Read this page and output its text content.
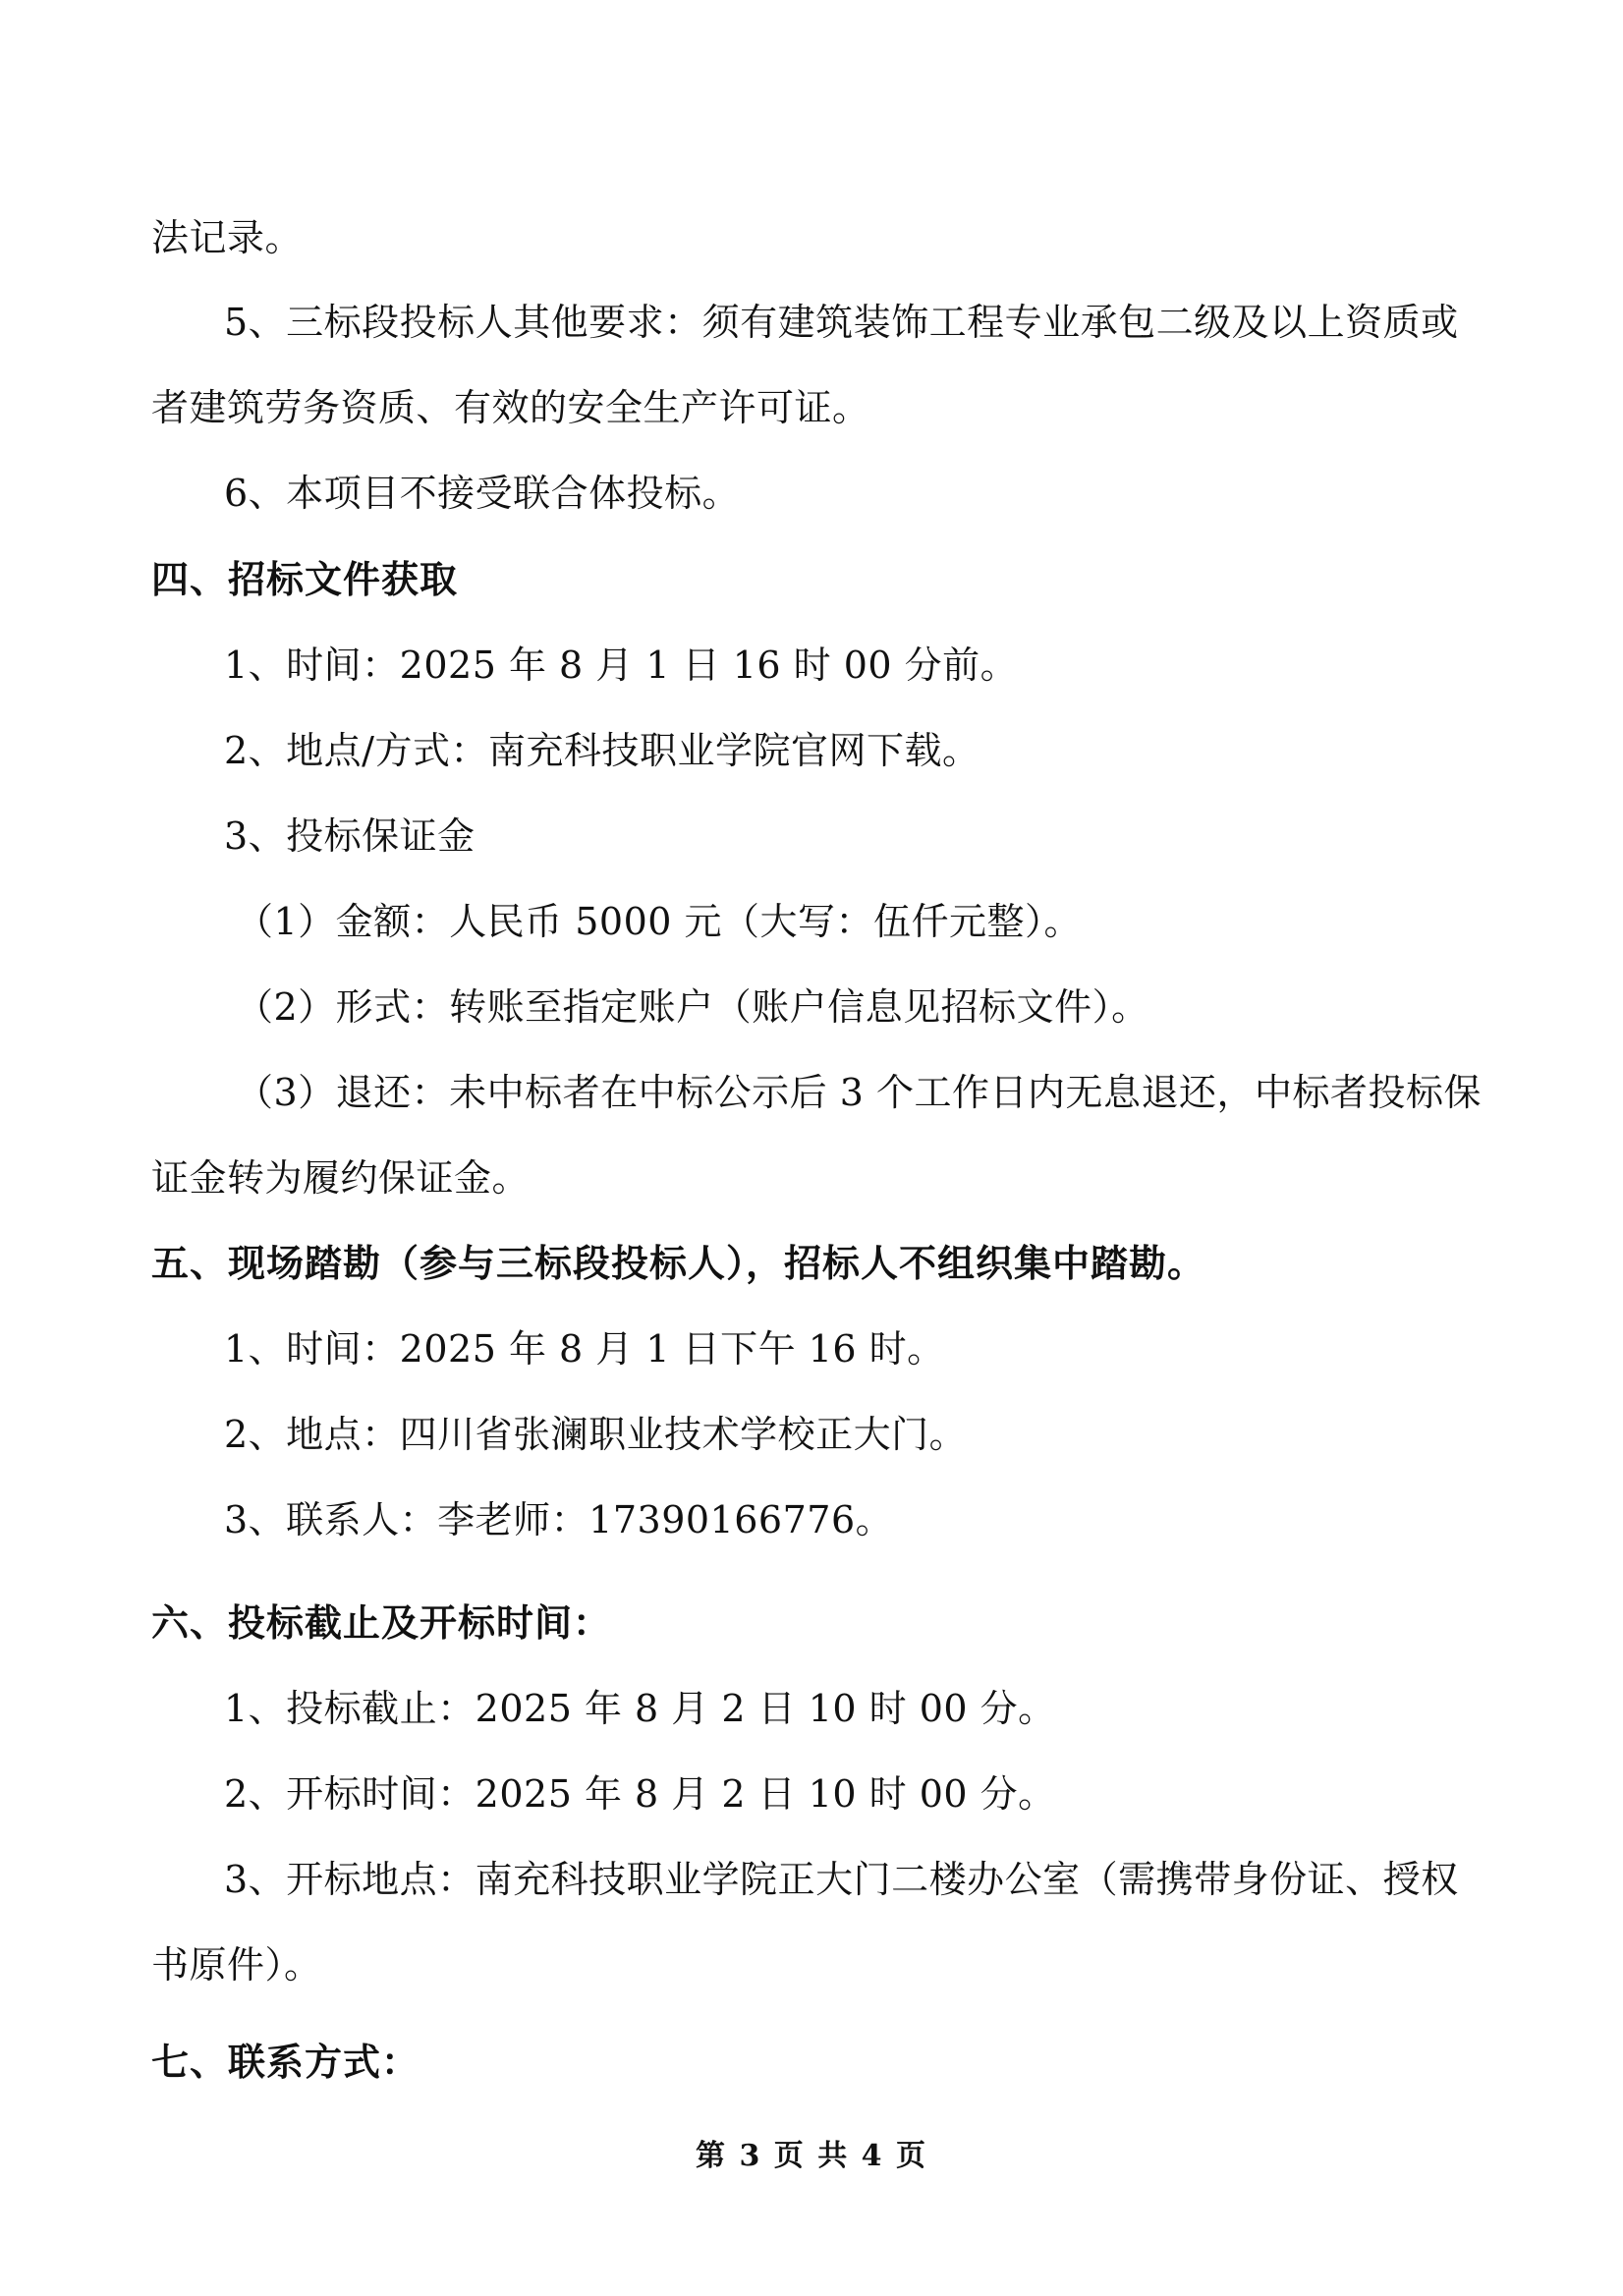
法记录。
5、三标段投标人其他要求：须有建筑装饰工程专业承包二级及以上资质或
者建筑劳务资质、有效的安全生产许可证。
6、本项目不接受联合体投标。
四、招标文件获取
1、时间：2025 年 8 月 1 日 16 时 00 分前。
2、地点/方式：南充科技职业学院官网下载。
3、投标保证金
（1）金额：人民币 5000 元（大写：伍仟元整）。
（2）形式：转账至指定账户（账户信息见招标文件）。
（3）退还：未中标者在中标公示后 3 个工作日内无息退还，中标者投标保
证金转为履约保证金。
五、现场踏勘（参与三标段投标人），招标人不组织集中踏勘。
1、时间：2025 年 8 月 1 日下午 16 时。
2、地点：四川省张澜职业技术学校正大门。
3、联系人：李老师：17390166776。
六、投标截止及开标时间：
1、投标截止：2025 年 8 月 2 日 10 时 00 分。
2、开标时间：2025 年 8 月 2 日 10 时 00 分。
3、开标地点：南充科技职业学院正大门二楼办公室（需携带身份证、授权
书原件）。
七、联系方式：
第 3 页 共 4 页
